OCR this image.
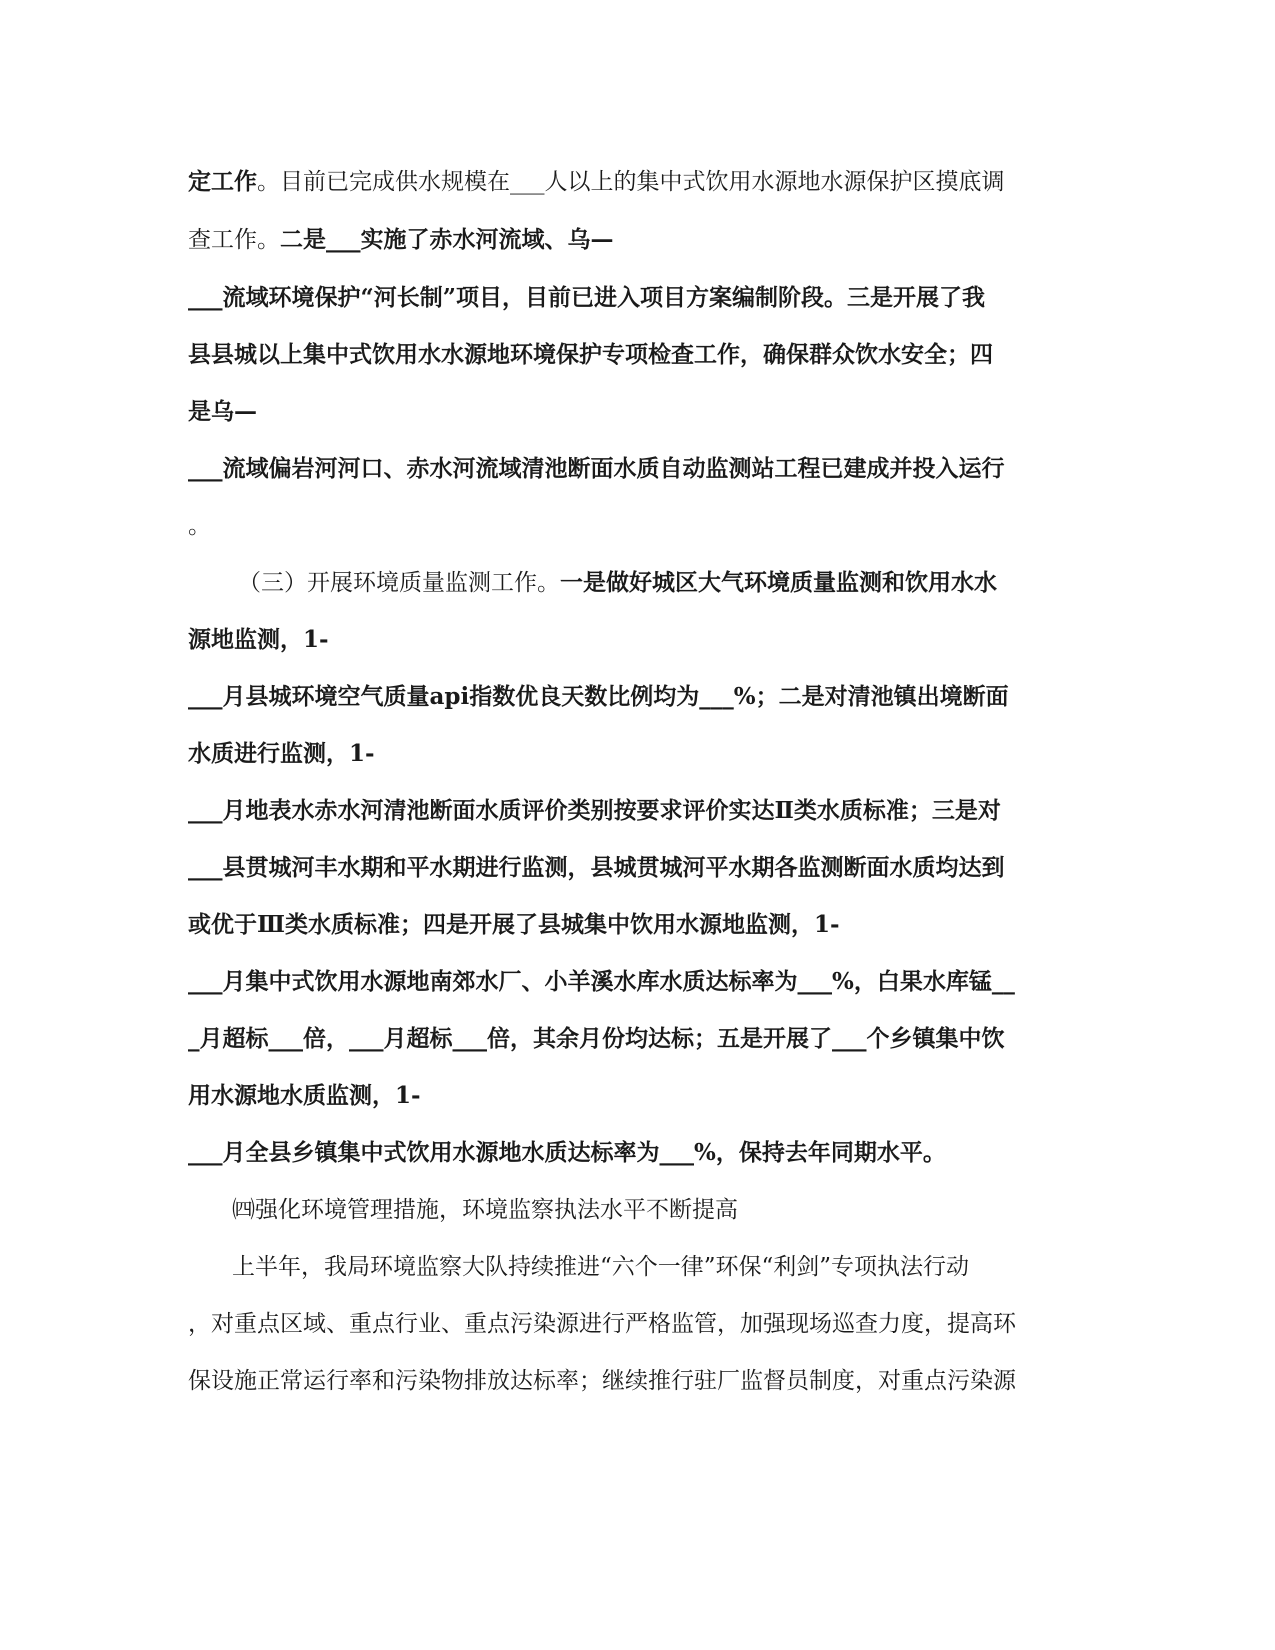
定工作。目前已完成供水规模在___人以上的集中式饮用水源地水源保护区摸底调

查工作。二是___实施了赤水河流域、乌—

___流域环境保护“河长制”项目，目前已进入项目方案编制阶段。三是开展了我

县县城以上集中式饮用水水源地环境保护专项检查工作，确保群众饮水安全；四

是乌—

___流域偏岩河河口、赤水河流域清池断面水质自动监测站工程已建成并投入运行

。

（三）开展环境质量监测工作。一是做好城区大气环境质量监测和饮用水水

源地监测，1-

___月县城环境空气质量api指数优良天数比例均为___%；二是对清池镇出境断面

水质进行监测，1-

___月地表水赤水河清池断面水质评价类别按要求评价实达Ⅱ类水质标准；三是对

___县贯城河丰水期和平水期进行监测，县城贯城河平水期各监测断面水质均达到

或优于Ⅲ类水质标准；四是开展了县城集中饮用水源地监测，1-

___月集中式饮用水源地南郊水厂、小羊溪水库水质达标率为___%，白果水库锰__

_月超标___倍，___月超标___倍，其余月份均达标；五是开展了___个乡镇集中饮

用水源地水质监测，1-

___月全县乡镇集中式饮用水源地水质达标率为___%，保持去年同期水平。

㈣强化环境管理措施，环境监察执法水平不断提高

上半年，我局环境监察大队持续推进“六个一律”环保“利剑”专项执法行动

，对重点区域、重点行业、重点污染源进行严格监管，加强现场巡查力度，提高环

保设施正常运行率和污染物排放达标率；继续推行驻厂监督员制度，对重点污染源
